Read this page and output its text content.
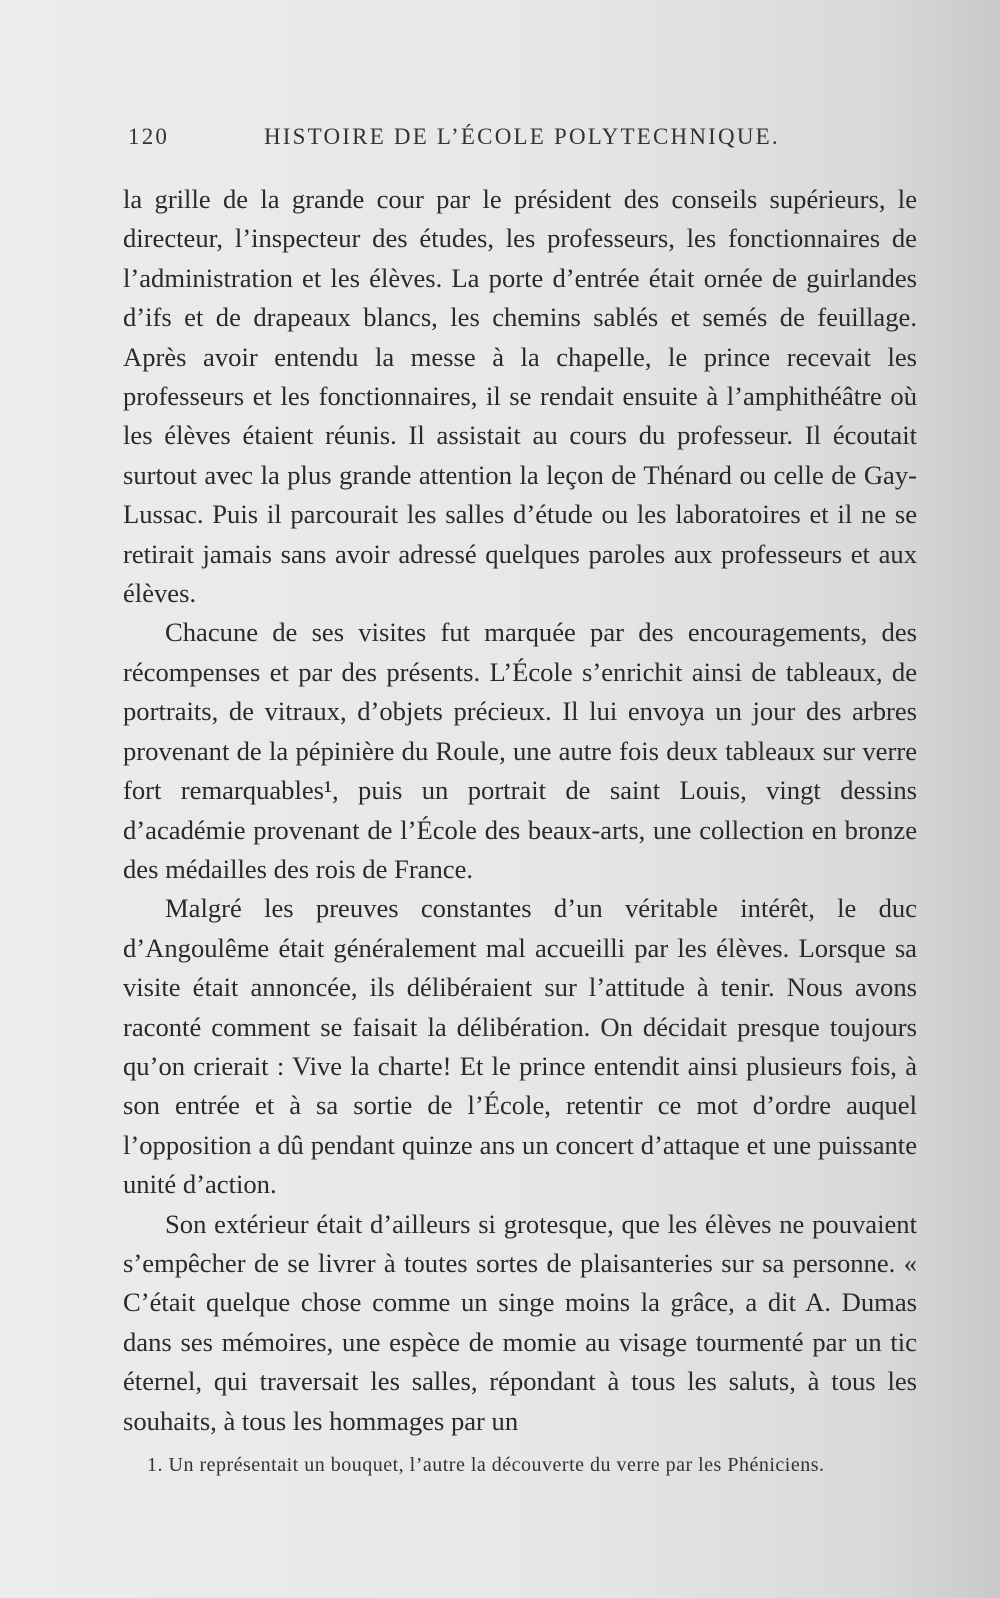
120	HISTOIRE DE L’ÉCOLE POLYTECHNIQUE.

la grille de la grande cour par le président des conseils supérieurs, le directeur, l’inspecteur des études, les professeurs, les fonctionnaires de l’administration et les élèves. La porte d’entrée était ornée de guirlandes d’ifs et de drapeaux blancs, les chemins sablés et semés de feuillage. Après avoir entendu la messe à la chapelle, le prince recevait les professeurs et les fonctionnaires, il se rendait ensuite à l’amphithéâtre où les élèves étaient réunis. Il assistait au cours du professeur. Il écoutait surtout avec la plus grande attention la leçon de Thénard ou celle de Gay-Lussac. Puis il parcourait les salles d’étude ou les laboratoires et il ne se retirait jamais sans avoir adressé quelques paroles aux professeurs et aux élèves.

Chacune de ses visites fut marquée par des encouragements, des récompenses et par des présents. L’École s’enrichit ainsi de tableaux, de portraits, de vitraux, d’objets précieux. Il lui envoya un jour des arbres provenant de la pépinière du Roule, une autre fois deux tableaux sur verre fort remarquables¹, puis un portrait de saint Louis, vingt dessins d’académie provenant de l’École des beaux-arts, une collection en bronze des médailles des rois de France.

Malgré les preuves constantes d’un véritable intérêt, le duc d’Angoulême était généralement mal accueilli par les élèves. Lorsque sa visite était annoncée, ils délibéraient sur l’attitude à tenir. Nous avons raconté comment se faisait la délibération. On décidait presque toujours qu’on crierait : Vive la charte! Et le prince entendit ainsi plusieurs fois, à son entrée et à sa sortie de l’École, retentir ce mot d’ordre auquel l’opposition a dû pendant quinze ans un concert d’attaque et une puissante unité d’action.

Son extérieur était d’ailleurs si grotesque, que les élèves ne pouvaient s’empêcher de se livrer à toutes sortes de plaisanteries sur sa personne. « C’était quelque chose comme un singe moins la grâce, a dit A. Dumas dans ses mémoires, une espèce de momie au visage tourmenté par un tic éternel, qui traversait les salles, répondant à tous les saluts, à tous les souhaits, à tous les hommages par un

1. Un représentait un bouquet, l’autre la découverte du verre par les Phéniciens.
